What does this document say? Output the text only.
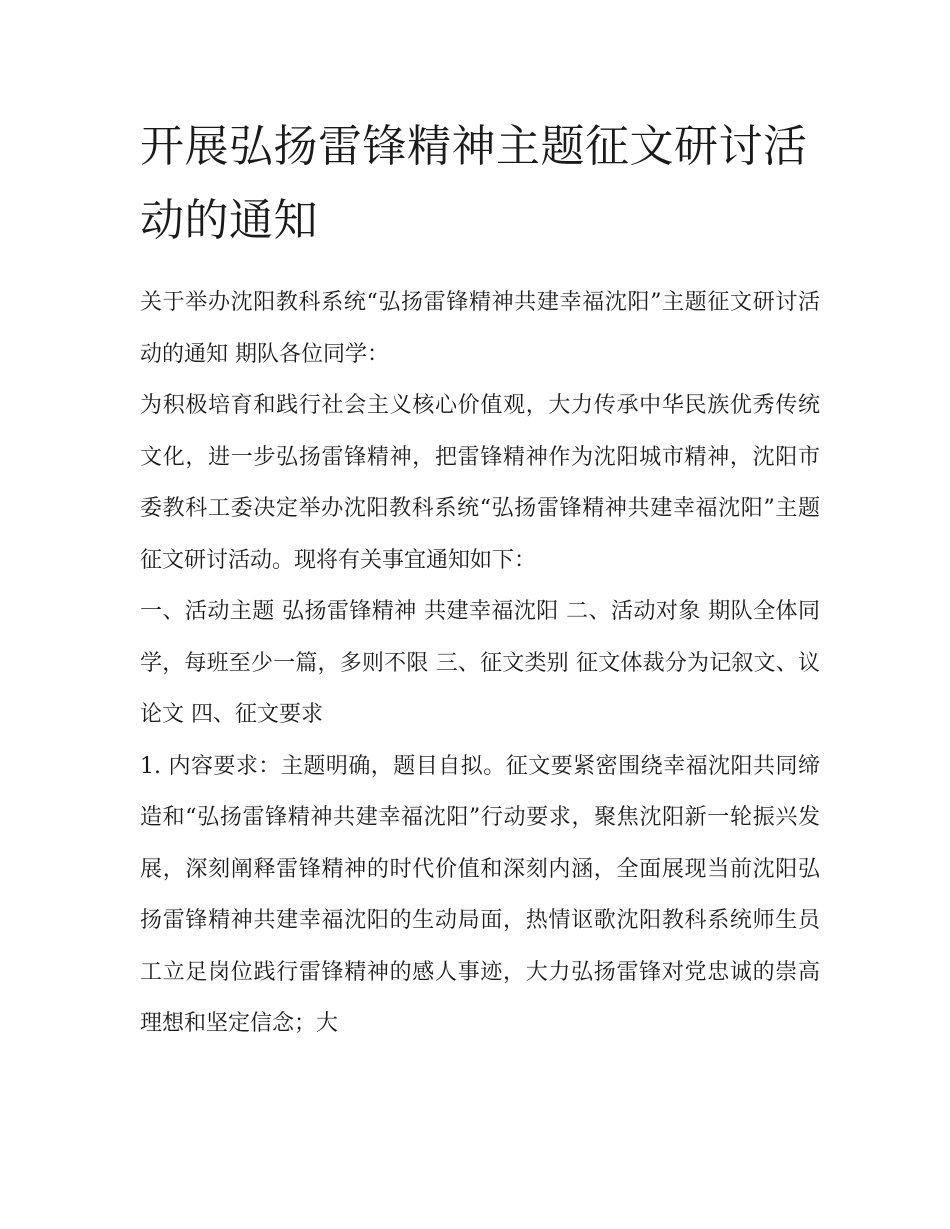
开展弘扬雷锋精神主题征文研讨活动的通知

关于举办沈阳教科系统“弘扬雷锋精神共建幸福沈阳”主题征文研讨活动的通知 期队各位同学：

为积极培育和践行社会主义核心价值观，大力传承中华民族优秀传统文化，进一步弘扬雷锋精神，把雷锋精神作为沈阳城市精神，沈阳市委教科工委决定举办沈阳教科系统“弘扬雷锋精神共建幸福沈阳”主题征文研讨活动。现将有关事宜通知如下：

一、活动主题 弘扬雷锋精神 共建幸福沈阳 二、活动对象 期队全体同学，每班至少一篇，多则不限 三、征文类别 征文体裁分为记叙文、议论文 四、征文要求

1. 内容要求：主题明确，题目自拟。征文要紧密围绕幸福沈阳共同缔造和“弘扬雷锋精神共建幸福沈阳”行动要求，聚焦沈阳新一轮振兴发展，深刻阐释雷锋精神的时代价值和深刻内涵，全面展现当前沈阳弘扬雷锋精神共建幸福沈阳的生动局面，热情讴歌沈阳教科系统师生员工立足岗位践行雷锋精神的感人事迹，大力弘扬雷锋对党忠诚的崇高理想和坚定信念；大
